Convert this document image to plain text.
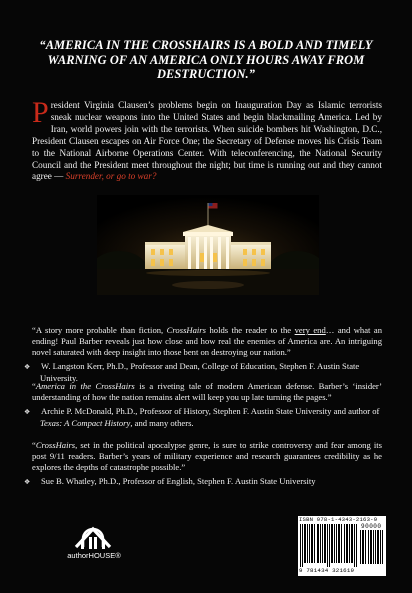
“AMERICA IN THE CROSSHAIRS IS A BOLD AND TIMELY WARNING OF AN AMERICA ONLY HOURS AWAY FROM DESTRUCTION.”
President Virginia Clausen’s problems begin on Inauguration Day as Islamic terrorists sneak nuclear weapons into the United States and begin blackmailing America. Led by Iran, world powers join with the terrorists. When suicide bombers hit Washington, D.C., President Clausen escapes on Air Force One; the Secretary of Defense moves his Crisis Team to the National Airborne Operations Center. With teleconferencing, the National Security Council and the President meet throughout the night; but time is running out and they cannot agree — Surrender, or go to war?
“A story more probable than fiction, CrossHairs holds the reader to the very end… and what an ending! Paul Barber reveals just how close and how real the enemies of America are. An intriguing novel saturated with deep insight into those bent on destroying our nation.”
❖ W. Langston Kerr, Ph.D., Professor and Dean, College of Education, Stephen F. Austin State University.
“America in the CrossHairs is a riveting tale of modern American defense. Barber’s ‘insider’ understanding of how the nation remains alert will keep you up late turning the pages.”
❖ Archie P. McDonald, Ph.D., Professor of History, Stephen F. Austin State University and author of Texas: A Compact History, and many others.
“CrossHairs, set in the political apocalypse genre, is sure to strike controversy and fear among its post 9/11 readers. Barber’s years of military experience and research guarantees credibility as he explores the depths of catastrophe possible.”
❖ Sue B. Whatley, Ph.D., Professor of English, Stephen F. Austin State University
authorHOUSE®
ISBN 978-1-4343-2163-9
90000
9 781434 321619
